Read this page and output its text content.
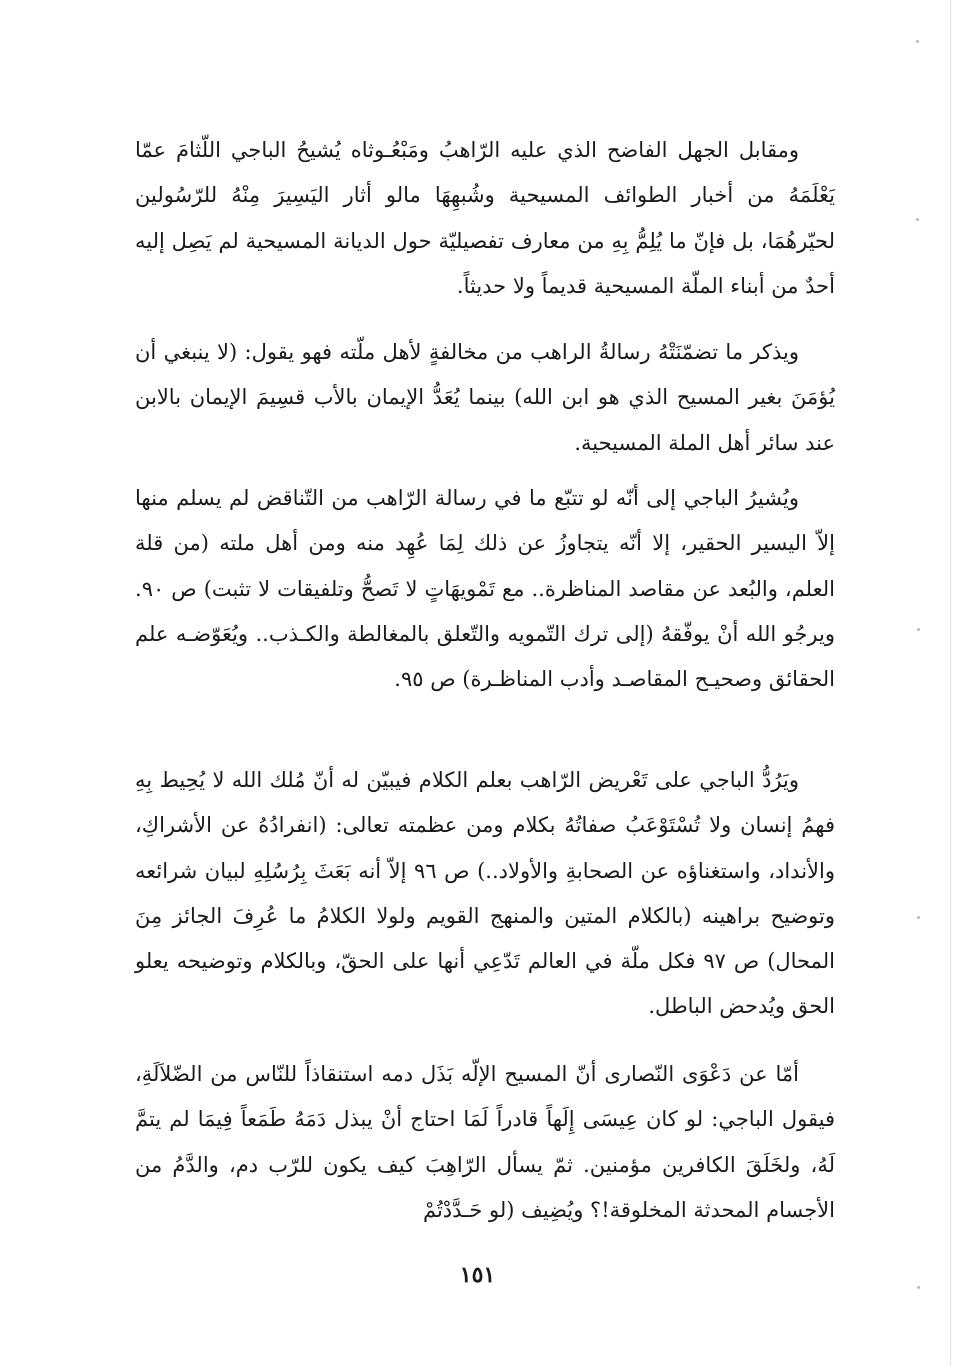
ومقابل الجهل الفاضح الذي عليه الرّاهبُ ومَبْعُـوثاه يُشيحُ الباجي اللّثامَ عمّا يَعْلَمَهُ من أخبار الطوائف المسيحية وشُبهِهَا مالو أثار اليَسِيرَ مِنْهُ للرّسُولين لحيّرهُمَا، بل فإنّ ما يُلِمُّ بِهِ من معارف تفصيليّة حول الديانة المسيحية لم يَصِل إليه أحدٌ من أبناء الملّة المسيحية قديماً ولا حديثاً.

ويذكر ما تضمّنَتْهُ رسالةُ الراهب من مخالفةٍ لأهل ملّته فهو يقول: (لا ينبغي أن يُؤمَنَ بغير المسيح الذي هو ابن الله) بينما يُعَدُّ الإيمان بالأب قسِيمَ الإيمان بالابن عند سائر أهل الملة المسيحية.

ويُشيرُ الباجي إلى أنّه لو تتبّع ما في رسالة الرّاهب من التّناقض لم يسلم منها إلاّ اليسير الحقير، إلا أنّه يتجاوزُ عن ذلك لِمَا عُهِد منه ومن أهل ملته (من قلة العلم، والبُعد عن مقاصد المناظرة.. مع تَمْويهَاتٍ لا تَصحُّ وتلفيقات لا تثبت) ص ٩٠. ويرجُو الله أنْ يوفّقهُ (إلى ترك التّمويه والتّعلق بالمغالطة والكـذب.. ويُعَوّضـه علم الحقائق وصحيـح المقاصـد وأدب المناظـرة) ص ٩٥.

ويَرُدُّ الباجي على تَعْريض الرّاهب بعلم الكلام فيبيّن له أنّ مُلك الله لا يُحِيط بِهِ فهمُ إنسان ولا تُسْتَوْعَبُ صفاتُهُ بكلام ومن عظمته تعالى: (انفرادُهُ عن الأشراكِ، والأنداد، واستغناؤه عن الصحابةِ والأولاد..) ص ٩٦ إلاّ أنه بَعَثَ بِرُسُلِهِ لبيان شرائعه وتوضيح براهينه (بالكلام المتين والمنهج القويم ولولا الكلامُ ما عُرِفَ الجائز مِنَ المحال) ص ٩٧ فكل ملّة في العالم تَدّعِي أنها على الحقّ، وبالكلام وتوضيحه يعلو الحق ويُدحض الباطل.

أمّا عن دَعْوَى النّصارى أنّ المسيح الإلّه بَذَل دمه استنقاذاً للنّاس من الضّلاَلَةِ، فيقول الباجي: لو كان عِيسَى إِلَهاً قادراً لَمَا احتاج أنْ يبذل دَمَهُ طَمَعاً فِيمَا لم يتمَّ لَهُ، ولخَلَقَ الكافرين مؤمنين. ثمّ يسأل الرّاهِبَ كيف يكون للرّب دم، والدَّمُ من الأجسام المحدثة المخلوقة!؟ ويُضِيف (لو حَـدَّدْتُمْ

١٥١
